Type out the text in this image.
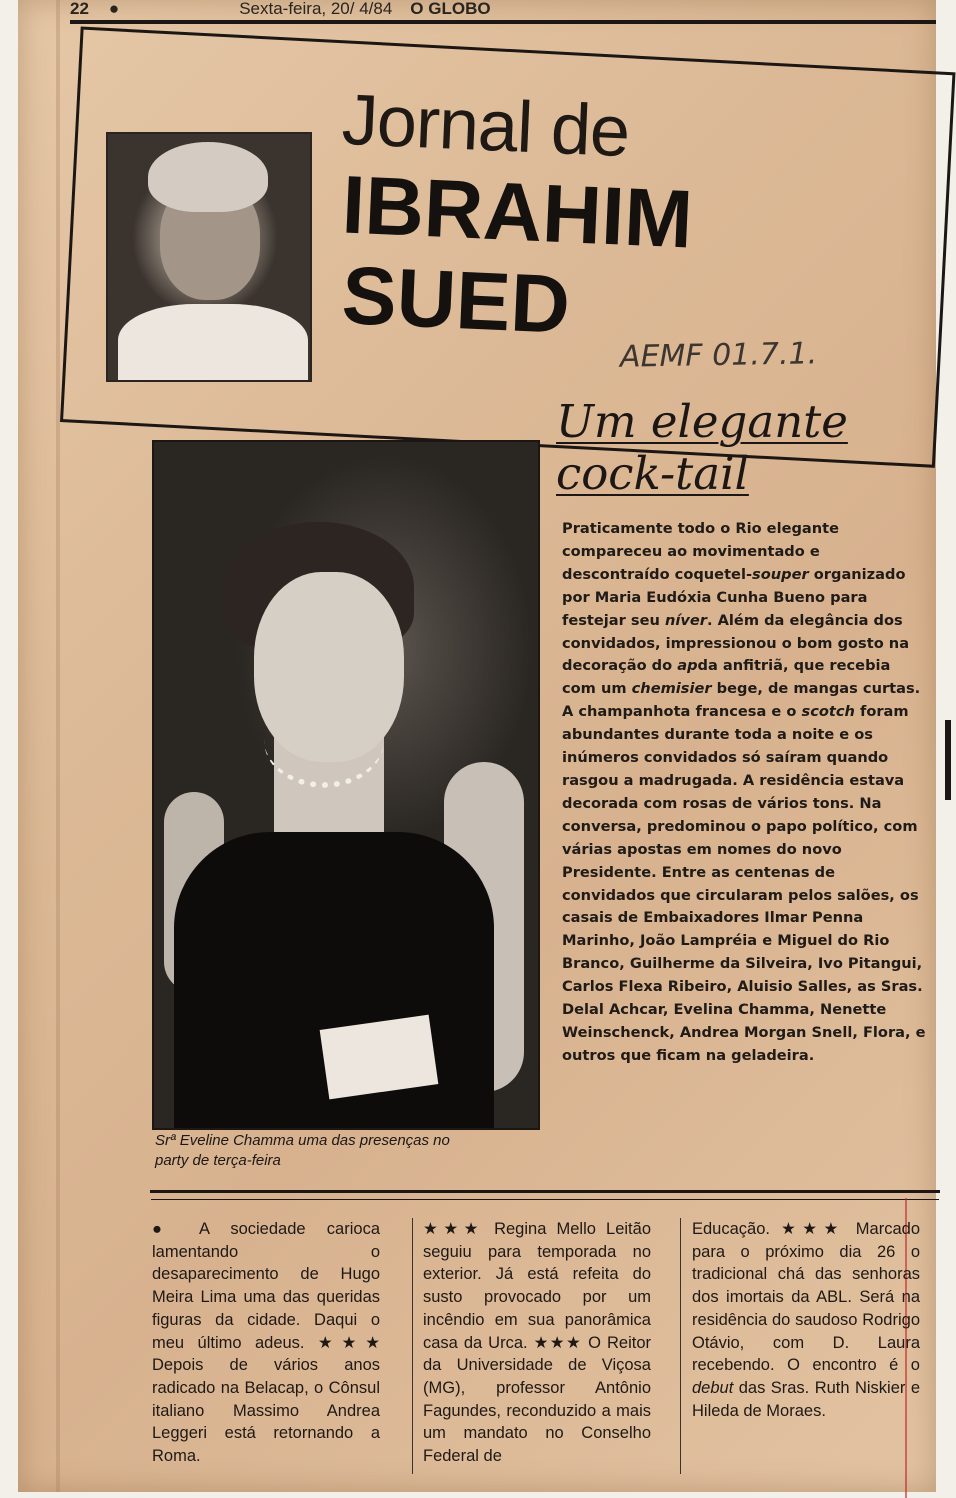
22 ●	Sexta-feira, 20/ 4/84 O GLOBO
Jornal de
IBRAHIM
SUED
AEMF 01.7.1.
Srª Eveline Chamma uma das presenças no party de terça-feira
Um elegante cock-tail

Praticamente todo o Rio elegante compareceu ao movimentado e descontraído coquetel-souper organizado por Maria Eudóxia Cunha Bueno para festejar seu níver. Além da elegância dos convidados, impressionou o bom gosto na decoração do apda anfitriã, que recebia com um chemisier bege, de mangas curtas. A champanhota francesa e o scotch foram abundantes durante toda a noite e os inúmeros convidados só saíram quando rasgou a madrugada. A residência estava decorada com rosas de vários tons. Na conversa, predominou o papo político, com várias apostas em nomes do novo Presidente. Entre as centenas de convidados que circularam pelos salões, os casais de Embaixadores Ilmar Penna Marinho, João Lampréia e Miguel do Rio Branco, Guilherme da Silveira, Ivo Pitangui, Carlos Flexa Ribeiro, Aluisio Salles, as Sras. Delal Achcar, Evelina Chamma, Nenette Weinschenck, Andrea Morgan Snell, Flora, e outros que ficam na geladeira.

● A sociedade carioca lamentando o desaparecimento de Hugo Meira Lima uma das queridas figuras da cidade. Daqui o meu último adeus. ★★★ Depois de vários anos radicado na Belacap, o Cônsul italiano Massimo Andrea Leggeri está retornando a Roma.

★★★ Regina Mello Leitão seguiu para temporada no exterior. Já está refeita do susto provocado por um incêndio em sua panorâmica casa da Urca. ★★★ O Reitor da Universidade de Viçosa (MG), professor Antônio Fagundes, reconduzido a mais um mandato no Conselho Federal de

Educação. ★★★ Marcado para o próximo dia 26 o tradicional chá das senhoras dos imortais da ABL. Será na residência do saudoso Rodrigo Otávio, com D. Laura recebendo. O encontro é o debut das Sras. Ruth Niskier e Hileda de Moraes.
